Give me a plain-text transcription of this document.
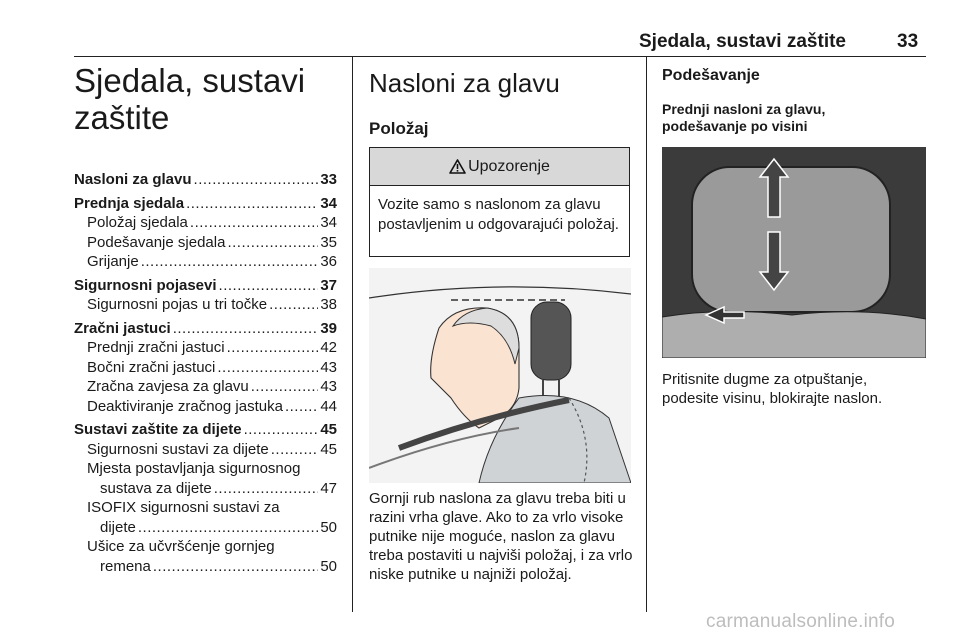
Sjedala, sustavi zaštite	33
Sjedala, sustavi zaštite
Nasloni za glavu .....	33
Prednja sjedala .....	34
Položaj sjedala .....	34
Podešavanje sjedala .....	35
Grijanje .....	36
Sigurnosni pojasevi .....	37
Sigurnosni pojas u tri točke .....	38
Zračni jastuci .....	39
Prednji zračni jastuci .....	42
Bočni zračni jastuci .....	43
Zračna zavjesa za glavu .....	43
Deaktiviranje zračnog jastuka ..... 44
Sustavi zaštite za dijete .....	45
Sigurnosni sustavi za dijete .....	45
Mjesta postavljanja sigurnosnog
sustava za dijete .....	47
ISOFIX sigurnosni sustavi za
dijete .....	50
Ušice za učvršćenje gornjeg
remena .....	50
Nasloni za glavu
Položaj
Upozorenje
Vozite samo s naslonom za glavu postavljenim u odgovarajući položaj.
Gornji rub naslona za glavu treba biti u razini vrha glave. Ako to za vrlo visoke putnike nije moguće, naslon za glavu treba postaviti u najviši položaj, i za vrlo niske putnike u najniži položaj.
Podešavanje
Prednji nasloni za glavu, podešavanje po visini
Pritisnite dugme za otpuštanje, podesite visinu, blokirajte naslon.
carmanualsonline.info
